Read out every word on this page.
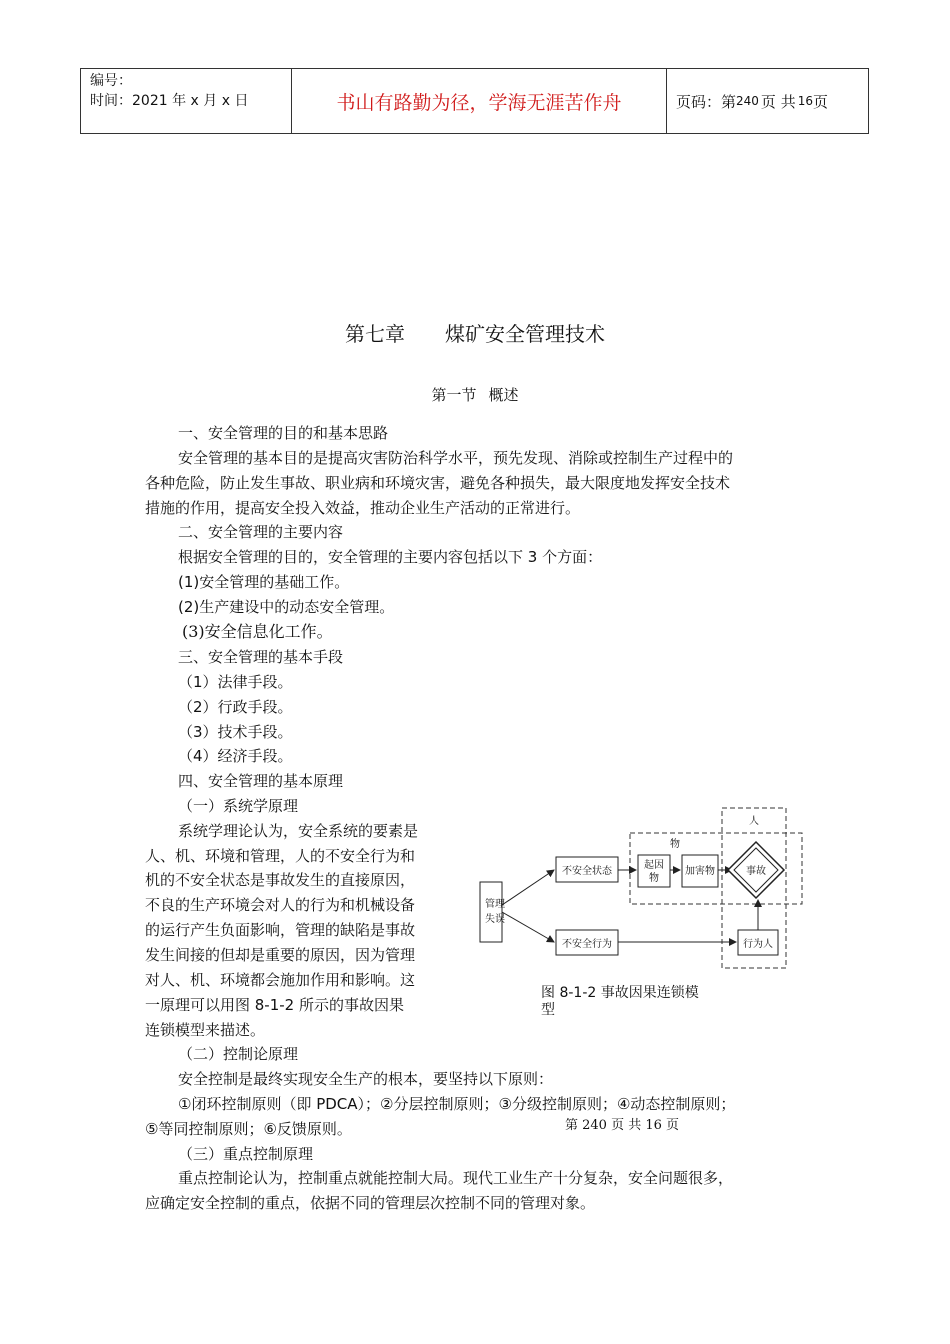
编号：
时间：2021 年 x 月 x 日	书山有路勤为径，学海无涯苦作舟	页码：第 240 页 共 16 页
第七章 煤矿安全管理技术
第一节 概述
一、安全管理的目的和基本思路
安全管理的基本目的是提高灾害防治科学水平，预先发现、消除或控制生产过程中的
各种危险，防止发生事故、职业病和环境灾害，避免各种损失，最大限度地发挥安全技术
措施的作用，提高安全投入效益，推动企业生产活动的正常进行。
二、安全管理的主要内容
根据安全管理的目的，安全管理的主要内容包括以下 3 个方面：
(1)安全管理的基础工作。
(2)生产建设中的动态安全管理。
(3)安全信息化工作。
三、安全管理的基本手段
（1）法律手段。
（2）行政手段。
（3）技术手段。
（4）经济手段。
四、安全管理的基本原理
（一）系统学原理
系统学理论认为，安全系统的要素是
人、机、环境和管理，人的不安全行为和
机的不安全状态是事故发生的直接原因，
不良的生产环境会对人的行为和机械设备
的运行产生负面影响，管理的缺陷是事故
发生间接的但却是重要的原因，因为管理
对人、机、环境都会施加作用和影响。这
一原理可以用图 8-1-2 所示的事故因果
连锁模型来描述。
（二）控制论原理
安全控制是最终实现安全生产的根本，要坚持以下原则：
①闭环控制原则（即 PDCA）；②分层控制原则；③分级控制原则；④动态控制原则；
⑤等同控制原则；⑥反馈原则。
（三）重点控制原理
重点控制论认为，控制重点就能控制大局。现代工业生产十分复杂，安全问题很多，
应确定安全控制的重点，依据不同的管理层次控制不同的管理对象。
第 240 页 共 16 页
物
人
管理
失误
不安全状态
不安全行为
起因
物
加害物	事故
行为人
图 8-1-2 事故因果连锁模
型
